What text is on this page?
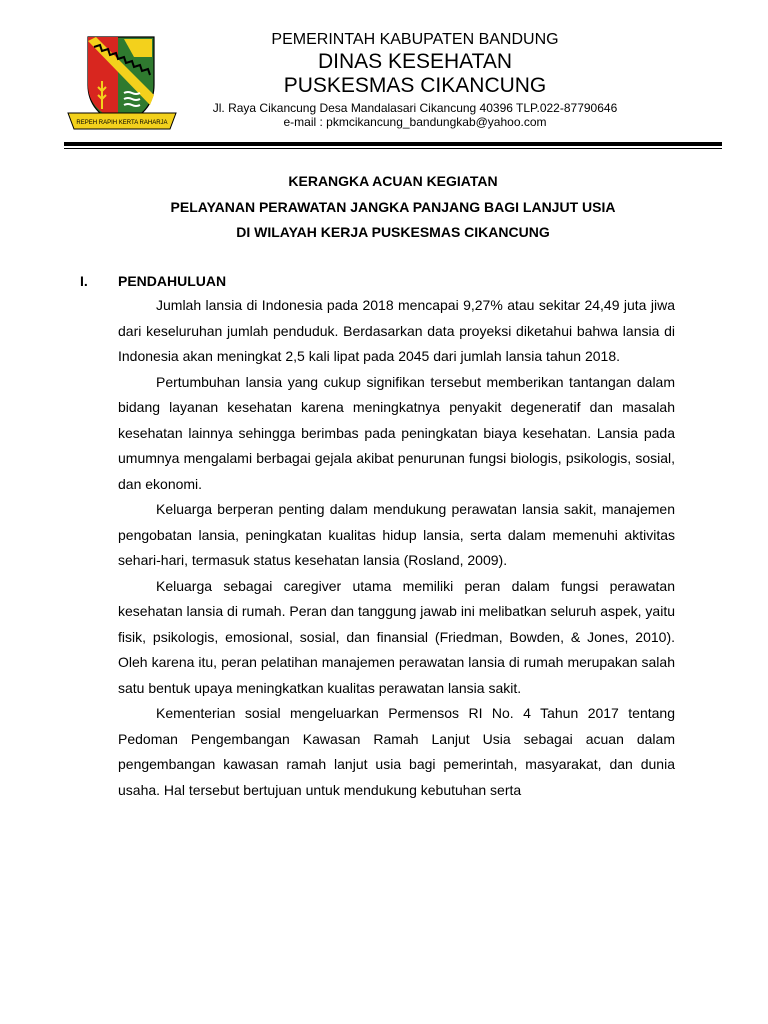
REPEH RAPIH KERTA RAHARJA
PEMERINTAH KABUPATEN BANDUNG
DINAS KESEHATAN
PUSKESMAS CIKANCUNG
Jl. Raya Cikancung Desa Mandalasari Cikancung 40396 TLP.022-87790646
e-mail : pkmcikancung_bandungkab@yahoo.com
KERANGKA ACUAN KEGIATAN
PELAYANAN PERAWATAN JANGKA PANJANG BAGI LANJUT USIA
DI WILAYAH KERJA PUSKESMAS CIKANCUNG
I. PENDAHULUAN

Jumlah lansia di Indonesia pada 2018 mencapai 9,27% atau sekitar 24,49 juta jiwa dari keseluruhan jumlah penduduk. Berdasarkan data proyeksi diketahui bahwa lansia di Indonesia akan meningkat 2,5 kali lipat pada 2045 dari jumlah lansia tahun 2018.

Pertumbuhan lansia yang cukup signifikan tersebut memberikan tantangan dalam bidang layanan kesehatan karena meningkatnya penyakit degeneratif dan masalah kesehatan lainnya sehingga berimbas pada peningkatan biaya kesehatan. Lansia pada umumnya mengalami berbagai gejala akibat penurunan fungsi biologis, psikologis, sosial, dan ekonomi.

Keluarga berperan penting dalam mendukung perawatan lansia sakit, manajemen pengobatan lansia, peningkatan kualitas hidup lansia, serta dalam memenuhi aktivitas sehari-hari, termasuk status kesehatan lansia (Rosland, 2009).

Keluarga sebagai caregiver utama memiliki peran dalam fungsi perawatan kesehatan lansia di rumah. Peran dan tanggung jawab ini melibatkan seluruh aspek, yaitu fisik, psikologis, emosional, sosial, dan finansial (Friedman, Bowden, & Jones, 2010). Oleh karena itu, peran pelatihan manajemen perawatan lansia di rumah merupakan salah satu bentuk upaya meningkatkan kualitas perawatan lansia sakit.

Kementerian sosial mengeluarkan Permensos RI No. 4 Tahun 2017 tentang Pedoman Pengembangan Kawasan Ramah Lanjut Usia sebagai acuan dalam pengembangan kawasan ramah lanjut usia bagi pemerintah, masyarakat, dan dunia usaha. Hal tersebut bertujuan untuk mendukung kebutuhan serta
